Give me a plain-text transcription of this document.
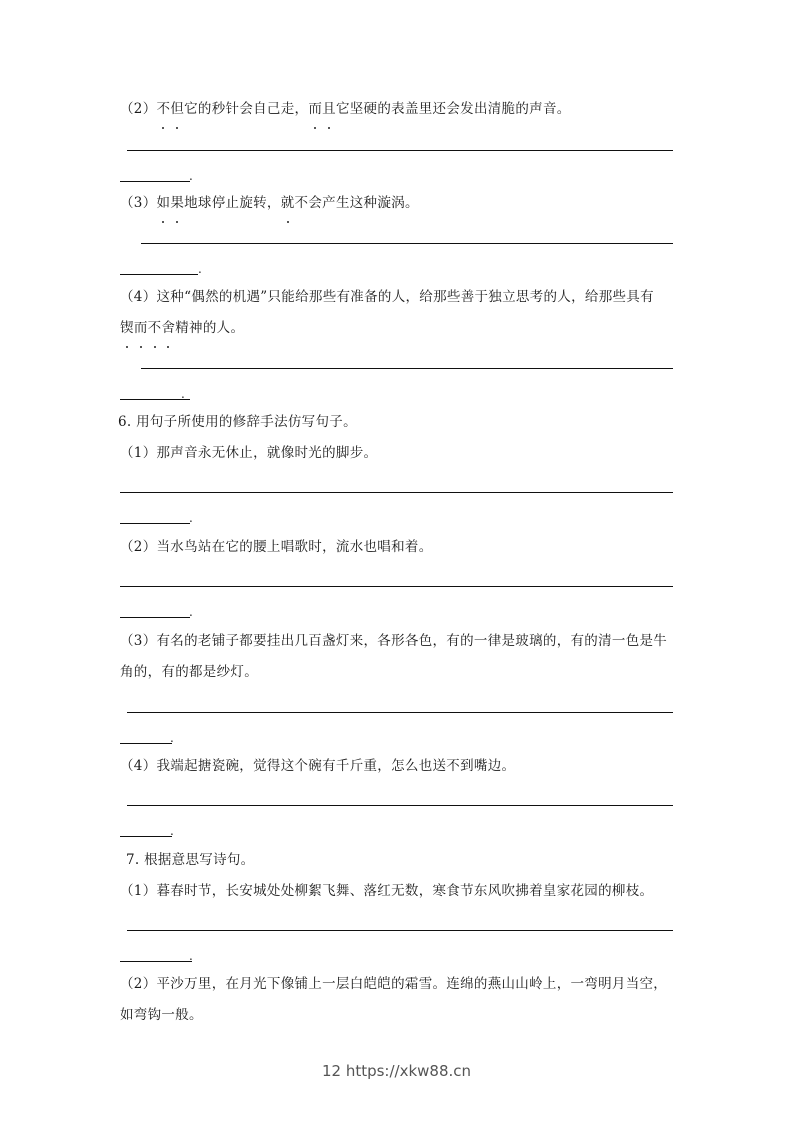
（2）不但它的秒针会自己走，而且它坚硬的表盖里还会发出清脆的声音。
.
（3）如果地球停止旋转，就不会产生这种漩涡。
.
（4）这种“偶然的机遇”只能给那些有准备的人，给那些善于独立思考的人，给那些具有
锲而不舍精神的人。
.
6. 用句子所使用的修辞手法仿写句子。
（1）那声音永无休止，就像时光的脚步。
.
（2）当水鸟站在它的腰上唱歌时，流水也唱和着。
.
（3）有名的老铺子都要挂出几百盏灯来，各形各色，有的一律是玻璃的，有的清一色是牛
角的，有的都是纱灯。
.
（4）我端起搪瓷碗，觉得这个碗有千斤重，怎么也送不到嘴边。
.
7. 根据意思写诗句。
（1）暮春时节，长安城处处柳絮飞舞、落红无数，寒食节东风吹拂着皇家花园的柳枝。
.
（2）平沙万里，在月光下像铺上一层白皑皑的霜雪。连绵的燕山山岭上，一弯明月当空，
如弯钩一般。
12 https://xkw88.cn
